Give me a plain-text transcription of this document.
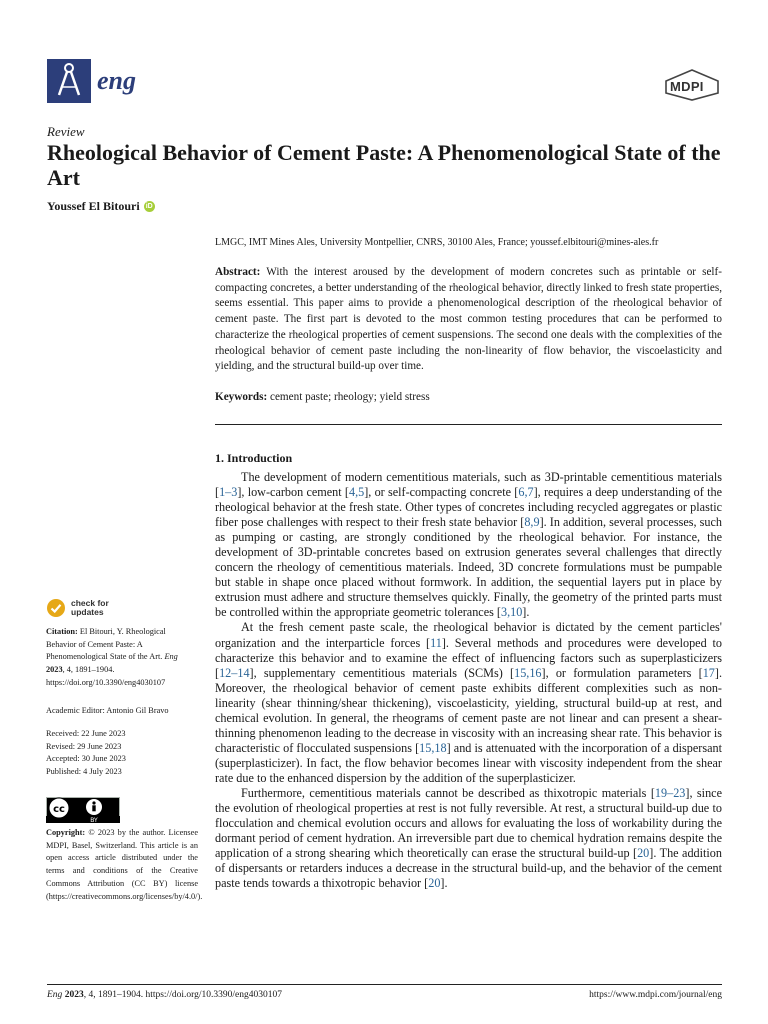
eng	MDPI
Review
Rheological Behavior of Cement Paste: A Phenomenological State of the Art
Youssef El Bitouri iD
LMGC, IMT Mines Ales, University Montpellier, CNRS, 30100 Ales, France; youssef.elbitouri@mines-ales.fr
Abstract: With the interest aroused by the development of modern concretes such as printable or self-compacting concretes, a better understanding of the rheological behavior, directly linked to fresh state properties, seems essential. This paper aims to provide a phenomenological description of the rheological behavior of cement paste. The first part is devoted to the most common testing procedures that can be performed to characterize the rheological properties of cement suspensions. The second one deals with the complexities of the rheological behavior of cement paste including the non-linearity of flow behavior, the viscoelasticity and yielding, and the structural build-up over time.
Keywords: cement paste; rheology; yield stress
1. Introduction

The development of modern cementitious materials, such as 3D-printable cementitious materials [1–3], low-carbon cement [4,5], or self-compacting concrete [6,7], requires a deep understanding of the rheological behavior at the fresh state. Other types of concretes including recycled aggregates or plastic fiber pose challenges with respect to their fresh state behavior [8,9]. In addition, several processes, such as pumping or casting, are strongly conditioned by the rheological behavior. For instance, the development of 3D-printable concretes based on extrusion generates several challenges that directly concern the rheology of cementitious materials. Indeed, 3D concrete formulations must be pumpable but stable in shape once placed without formwork. In addition, the sequential layers put in place by extrusion must adhere and structure themselves quickly. Finally, the geometry of the printed parts must be controlled within the appropriate geometric tolerances [3,10].

At the fresh cement paste scale, the rheological behavior is dictated by the cement particles' organization and the interparticle forces [11]. Several methods and procedures were developed to characterize this behavior and to examine the effect of influencing factors such as superplasticizers [12–14], supplementary cementitious materials (SCMs) [15,16], or formulation parameters [17]. Moreover, the rheological behavior of cement paste exhibits different complexities such as non-linearity (shear thinning/shear thickening), viscoelasticity, yielding, structural build-up at rest, and chemical evolution. In general, the rheograms of cement paste are not linear and can present a shear-thinning phenomenon leading to the decrease in viscosity with an increasing shear rate. This behavior is characteristic of flocculated suspensions [15,18] and is attenuated with the incorporation of a dispersant (superplasticizer). In fact, the flow behavior becomes linear with viscosity independent from the shear rate due to the enhanced dispersion by the addition of the superplasticizer.

Furthermore, cementitious materials cannot be described as thixotropic materials [19–23], since the evolution of rheological properties at rest is not fully reversible. At rest, a structural build-up due to flocculation and chemical evolution occurs and allows for evaluating the loss of workability during the dormant period of cement hydration. An irreversible part due to chemical hydration remains despite the application of a strong shearing which theoretically can erase the structural build-up [20]. The addition of dispersants or retarders induces a decrease in the structural build-up, and the behavior of the cement paste tends towards a thixotropic behavior [20].

check for
updates
Citation: El Bitouri, Y. Rheological Behavior of Cement Paste: A Phenomenological State of the Art. Eng 2023, 4, 1891–1904. https://doi.org/10.3390/eng4030107
Academic Editor: Antonio Gil Bravo
Received: 22 June 2023
Revised: 29 June 2023
Accepted: 30 June 2023
Published: 4 July 2023
cc
BY
Copyright: © 2023 by the author. Licensee MDPI, Basel, Switzerland. This article is an open access article distributed under the terms and conditions of the Creative Commons Attribution (CC BY) license (https://creativecommons.org/licenses/by/4.0/).
Eng 2023, 4, 1891–1904. https://doi.org/10.3390/eng4030107	https://www.mdpi.com/journal/eng
